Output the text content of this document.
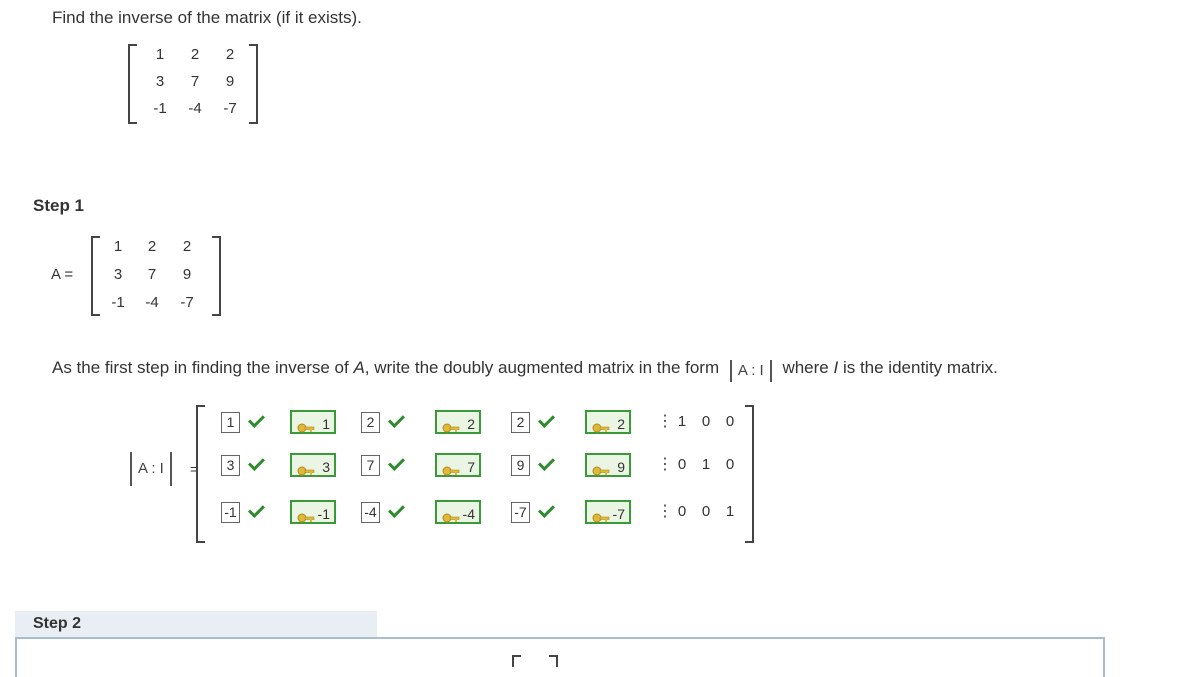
Find the inverse of the matrix (if it exists).
1	2	2
3	7	9
-1	-4	-7
Step 1
A =
1	2	2
3	7	9
-1	-4	-7
As the first step in finding the inverse of A, write the doubly augmented matrix in the form A : I where I is the identity matrix.
A : I	=
1	1	2	2	2	2	⋮ 1 0 0
3	3	7	7	9	9	⋮ 0 1 0
-1	-1	-4	-4	-7	-7	⋮ 0 0 1
Step 2
